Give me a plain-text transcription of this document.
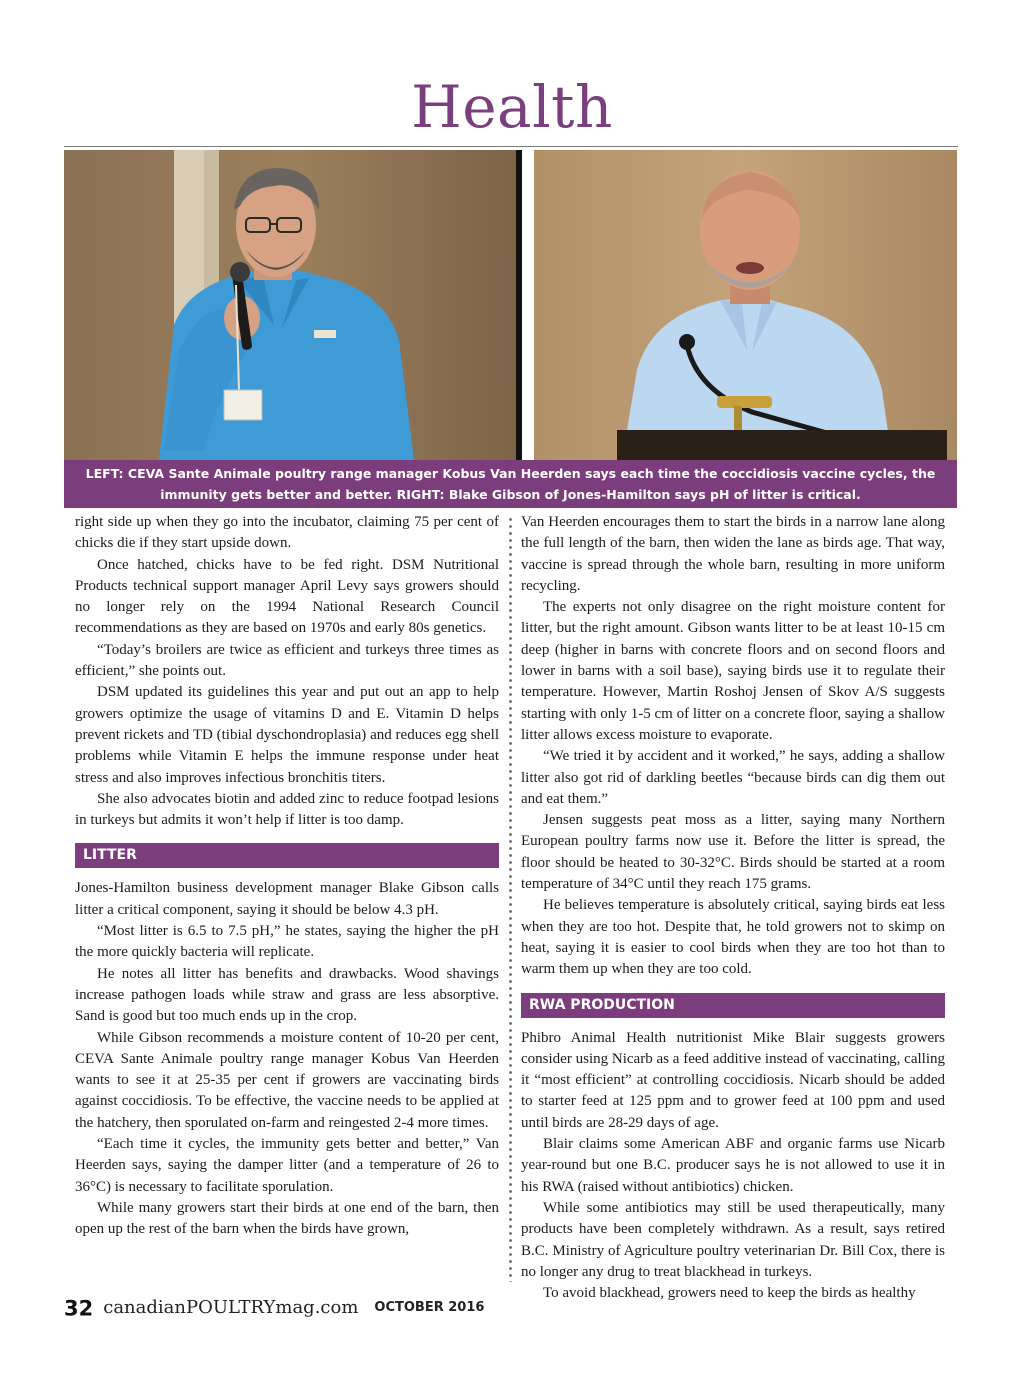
Health
LEFT: CEVA Sante Animale poultry range manager Kobus Van Heerden says each time the coccidiosis vaccine cycles, the
immunity gets better and better. RIGHT: Blake Gibson of Jones-Hamilton says pH of litter is critical.

right side up when they go into the incubator, claiming 75 per cent of chicks die if they start upside down.

Once hatched, chicks have to be fed right. DSM Nutritional Products technical support manager April Levy says growers should no longer rely on the 1994 National Research Council recommendations as they are based on 1970s and early 80s genetics.

“Today’s broilers are twice as efficient and turkeys three times as efficient,” she points out.

DSM updated its guidelines this year and put out an app to help growers optimize the usage of vitamins D and E. Vitamin D helps prevent rickets and TD (tibial dyschondroplasia) and reduces egg shell problems while Vitamin E helps the immune response under heat stress and also improves infectious bronchitis titers.

She also advocates biotin and added zinc to reduce footpad lesions in turkeys but admits it won’t help if litter is too damp.

LITTER

Jones-Hamilton business development manager Blake Gibson calls litter a critical component, saying it should be below 4.3 pH.

“Most litter is 6.5 to 7.5 pH,” he states, saying the higher the pH the more quickly bacteria will replicate.

He notes all litter has benefits and drawbacks. Wood shavings increase pathogen loads while straw and grass are less absorptive. Sand is good but too much ends up in the crop.

While Gibson recommends a moisture content of 10-20 per cent, CEVA Sante Animale poultry range manager Kobus Van Heerden wants to see it at 25-35 per cent if growers are vaccinating birds against coccidiosis. To be effective, the vaccine needs to be applied at the hatchery, then sporulated on-farm and reingested 2-4 more times.

“Each time it cycles, the immunity gets better and better,” Van Heerden says, saying the damper litter (and a temperature of 26 to 36°C) is necessary to facilitate sporulation.

While many growers start their birds at one end of the barn, then open up the rest of the barn when the birds have grown,

Van Heerden encourages them to start the birds in a narrow lane along the full length of the barn, then widen the lane as birds age. That way, vaccine is spread through the whole barn, resulting in more uniform recycling.

The experts not only disagree on the right moisture content for litter, but the right amount. Gibson wants litter to be at least 10-15 cm deep (higher in barns with concrete floors and on second floors and lower in barns with a soil base), saying birds use it to regulate their temperature. However, Martin Roshoj Jensen of Skov A/S suggests starting with only 1-5 cm of litter on a concrete floor, saying a shallow litter allows excess moisture to evaporate.

“We tried it by accident and it worked,” he says, adding a shallow litter also got rid of darkling beetles “because birds can dig them out and eat them.”

Jensen suggests peat moss as a litter, saying many Northern European poultry farms now use it. Before the litter is spread, the floor should be heated to 30-32°C. Birds should be started at a room temperature of 34°C until they reach 175 grams.

He believes temperature is absolutely critical, saying birds eat less when they are too hot. Despite that, he told growers not to skimp on heat, saying it is easier to cool birds when they are too hot than to warm them up when they are too cold.

RWA PRODUCTION

Phibro Animal Health nutritionist Mike Blair suggests growers consider using Nicarb as a feed additive instead of vaccinating, calling it “most efficient” at controlling coccidiosis. Nicarb should be added to starter feed at 125 ppm and to grower feed at 100 ppm and used until birds are 28-29 days of age.

Blair claims some American ABF and organic farms use Nicarb year-round but one B.C. producer says he is not allowed to use it in his RWA (raised without antibiotics) chicken.

While some antibiotics may still be used therapeutically, many products have been completely withdrawn. As a result, says retired B.C. Ministry of Agriculture poultry veterinarian Dr. Bill Cox, there is no longer any drug to treat blackhead in turkeys.

To avoid blackhead, growers need to keep the birds as healthy

32 canadianPOULTRYmag.com OCTOBER 2016
